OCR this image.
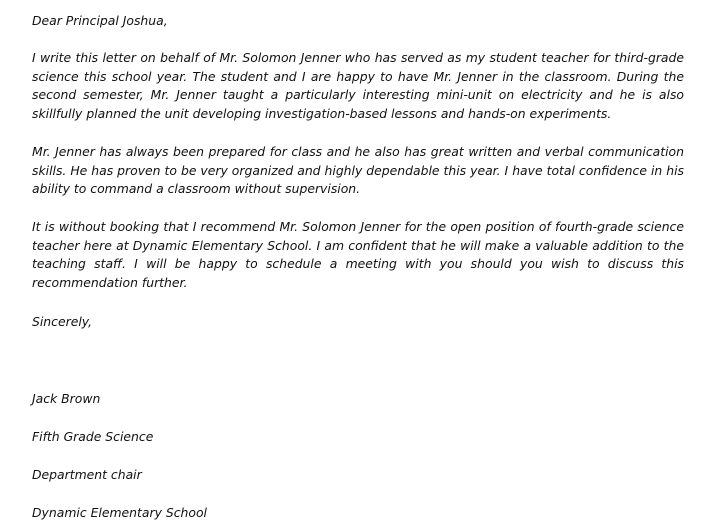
Dear Principal Joshua,

I write this letter on behalf of Mr. Solomon Jenner who has served as my student teacher for third-grade science this school year. The student and I are happy to have Mr. Jenner in the classroom. During the second semester, Mr. Jenner taught a particularly interesting mini-unit on electricity and he is also skillfully planned the unit developing investigation-based lessons and hands-on experiments.

Mr. Jenner has always been prepared for class and he also has great written and verbal communication skills. He has proven to be very organized and highly dependable this year. I have total confidence in his ability to command a classroom without supervision.

It is without booking that I recommend Mr. Solomon Jenner for the open position of fourth-grade science teacher here at Dynamic Elementary School. I am confident that he will make a valuable addition to the teaching staff. I will be happy to schedule a meeting with you should you wish to discuss this recommendation further.

Sincerely,
Jack Brown
Fifth Grade Science
Department chair
Dynamic Elementary School
